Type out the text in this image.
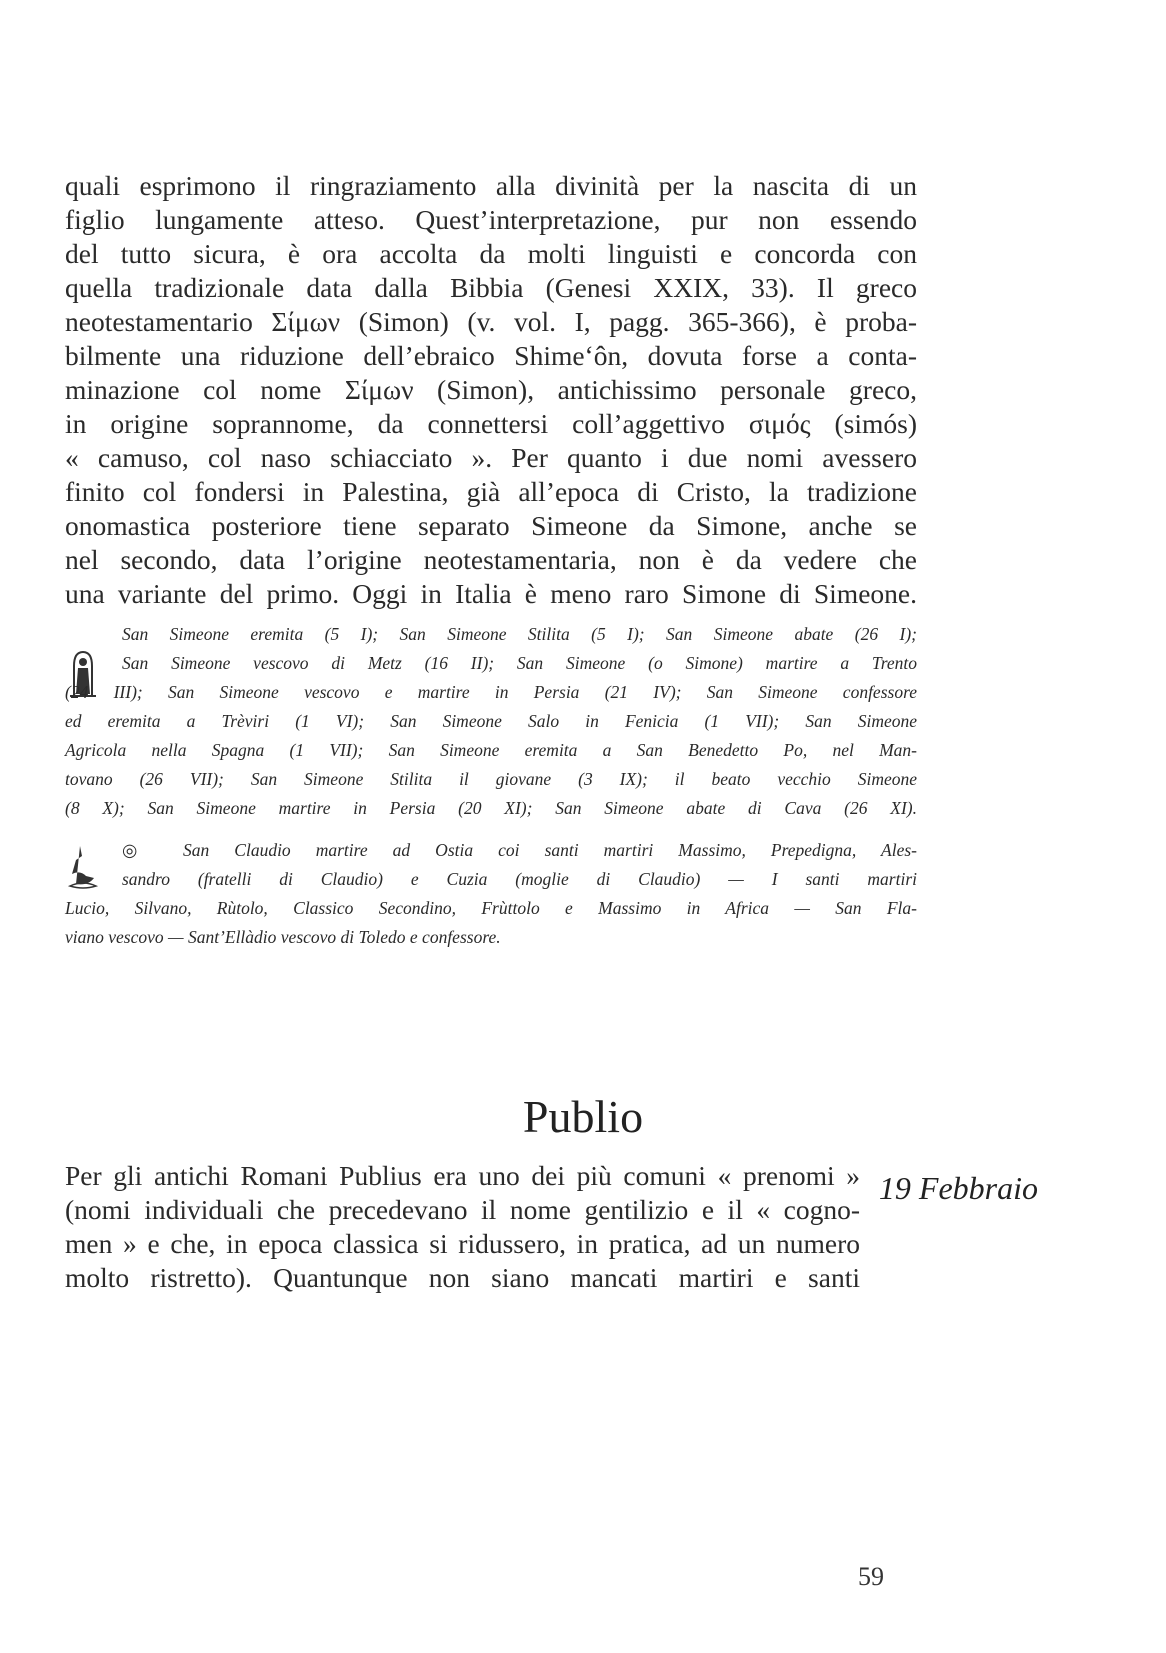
quali esprimono il ringraziamento alla divinità per la nascita di un
figlio lungamente atteso. Quest’interpretazione, pur non essendo
del tutto sicura, è ora accolta da molti linguisti e concorda con
quella tradizionale data dalla Bibbia (Genesi XXIX, 33). Il greco
neotestamentario Σίμων (Simon) (v. vol. I, pagg. 365-366), è proba-
bilmente una riduzione dell’ebraico Shime‘ôn, dovuta forse a conta-
minazione col nome Σίμων (Simon), antichissimo personale greco,
in origine soprannome, da connettersi coll’aggettivo σιμός (simós)
« camuso, col naso schiacciato ». Per quanto i due nomi avessero
finito col fondersi in Palestina, già all’epoca di Cristo, la tradizione
onomastica posteriore tiene separato Simeone da Simone, anche se
nel secondo, data l’origine neotestamentaria, non è da vedere che
una variante del primo. Oggi in Italia è meno raro Simone di Simeone.
San Simeone eremita (5 I); San Simeone Stilita (5 I); San Simeone abate (26 I);
San Simeone vescovo di Metz (16 II); San Simeone (o Simone) martire a Trento
(24 III); San Simeone vescovo e martire in Persia (21 IV); San Simeone confessore
ed eremita a Trèviri (1 VI); San Simeone Salo in Fenicia (1 VII); San Simeone
Agricola nella Spagna (1 VII); San Simeone eremita a San Benedetto Po, nel Man-
tovano (26 VII); San Simeone Stilita il giovane (3 IX); il beato vecchio Simeone
(8 X); San Simeone martire in Persia (20 XI); San Simeone abate di Cava (26 XI).
◎ San Claudio martire ad Ostia coi santi martiri Massimo, Prepedigna, Ales-
sandro (fratelli di Claudio) e Cuzia (moglie di Claudio) — I santi martiri
Lucio, Silvano, Rùtolo, Classico Secondino, Frùttolo e Massimo in Africa — San Fla-
viano vescovo — Sant’Ellàdio vescovo di Toledo e confessore.
Publio
19 Febbraio
Per gli antichi Romani Publius era uno dei più comuni « prenomi »
(nomi individuali che precedevano il nome gentilizio e il « cogno-
men » e che, in epoca classica si ridussero, in pratica, ad un numero
molto ristretto). Quantunque non siano mancati martiri e santi
59
